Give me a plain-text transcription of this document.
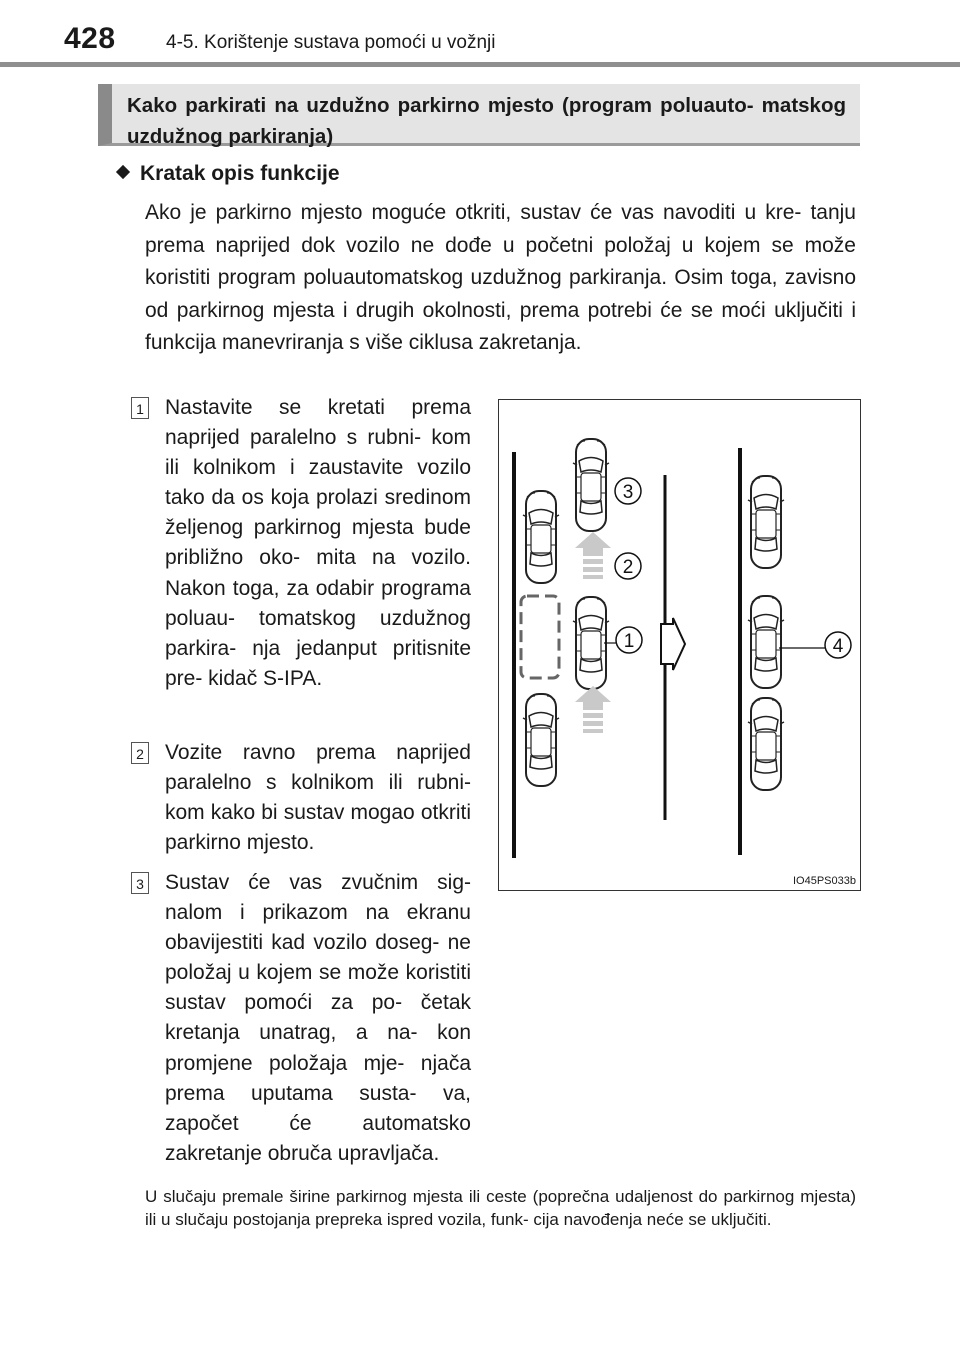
428	4-5. Korištenje sustava pomoći u vožnji
Kako parkirati na uzdužno parkirno mjesto (program poluauto- matskog uzdužnog parkiranja)
Kratak opis funkcije
Ako je parkirno mjesto moguće otkriti, sustav će vas navoditi u kre- tanju prema naprijed dok vozilo ne dođe u početni položaj u kojem se može koristiti program poluautomatskog uzdužnog parkiranja. Osim toga, zavisno od parkirnog mjesta i drugih okolnosti, prema potrebi će se moći uključiti i funkcija manevriranja s više ciklusa zakretanja.
1 Nastavite se kretati prema naprijed paralelno s rubni- kom ili kolnikom i zaustavite vozilo tako da os koja prolazi sredinom željenog parkirnog mjesta bude približno oko- mita na vozilo. Nakon toga, za odabir programa poluau- tomatskog uzdužnog parkira- nja jedanput pritisnite pre- kidač S-IPA.
2 Vozite ravno prema naprijed paralelno s kolnikom ili rubni- kom kako bi sustav mogao otkriti parkirno mjesto.
3 Sustav će vas zvučnim sig- nalom i prikazom na ekranu obavijestiti kad vozilo doseg- ne položaj u kojem se može koristiti sustav pomoći za po- četak kretanja unatrag, a na- kon promjene položaja mje- njača prema uputama susta- va, započet će automatsko zakretanje obruča upravljača.
3
2
1	4
IO45PS033b
U slučaju premale širine parkirnog mjesta ili ceste (poprečna udaljenost do parkirnog mjesta) ili u slučaju postojanja prepreka ispred vozila, funk- cija navođenja neće se uključiti.
